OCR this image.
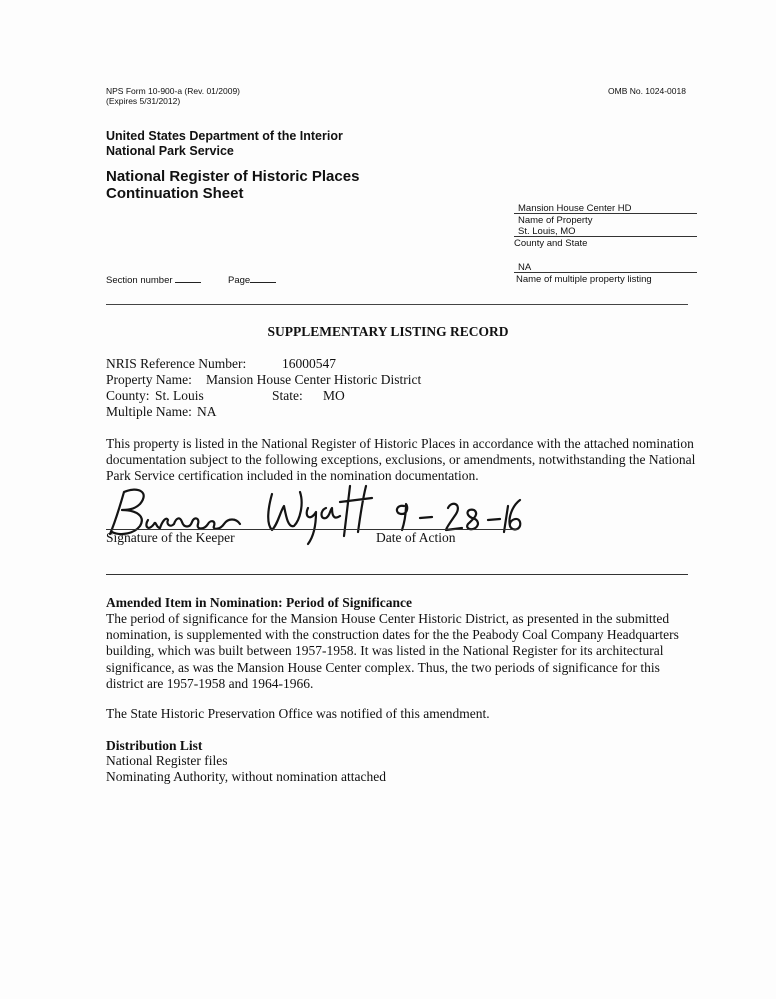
NPS Form 10-900-a (Rev. 01/2009)
(Expires 5/31/2012)
OMB No. 1024-0018
United States Department of the Interior
National Park Service
National Register of Historic Places
Continuation Sheet
Mansion House Center HD
Name of Property
St. Louis, MO
County and State
NA
Name of multiple property listing
Section number	Page
SUPPLEMENTARY LISTING RECORD
NRIS Reference Number:	16000547
Property Name: Mansion House Center Historic District
County: St. Louis	State: MO
Multiple Name: NA
This property is listed in the National Register of Historic Places in accordance with the attached nomination documentation subject to the following exceptions, exclusions, or amendments, notwithstanding the National Park Service certification included in the nomination documentation.
Signature of the Keeper	Date of Action
Amended Item in Nomination: Period of Significance
The period of significance for the Mansion House Center Historic District, as presented in the submitted nomination, is supplemented with the construction dates for the the Peabody Coal Company Headquarters building, which was built between 1957-1958. It was listed in the National Register for its architectural significance, as was the Mansion House Center complex. Thus, the two periods of significance for this district are 1957-1958 and 1964-1966.
The State Historic Preservation Office was notified of this amendment.
Distribution List
National Register files
Nominating Authority, without nomination attached
